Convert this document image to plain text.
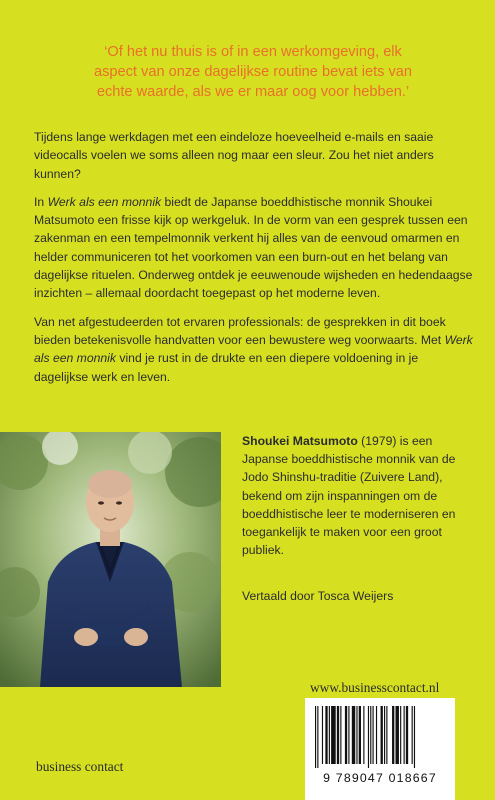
‘Of het nu thuis is of in een werkomgeving, elk
aspect van onze dagelijkse routine bevat iets van
echte waarde, als we er maar oog voor hebben.’

Tijdens lange werkdagen met een eindeloze hoeveelheid e-mails en saaie videocalls voelen we soms alleen nog maar een sleur. Zou het niet anders kunnen?

In Werk als een monnik biedt de Japanse boeddhistische monnik Shoukei Matsumoto een frisse kijk op werkgeluk. In de vorm van een gesprek tussen een zakenman en een tempelmonnik verkent hij alles van de eenvoud omarmen en helder communiceren tot het voorkomen van een burn-out en het belang van dagelijkse rituelen. Onderweg ontdek je eeuwenoude wijsheden en hedendaagse inzichten – allemaal doordacht toegepast op het moderne leven.

Van net afgestudeerden tot ervaren professionals: de gesprekken in dit boek bieden betekenisvolle handvatten voor een bewustere weg voorwaarts. Met Werk als een monnik vind je rust in de drukte en een diepere voldoening in je dagelijkse werk en leven.

Shoukei Matsumoto (1979) is een Japanse boeddhistische monnik van de Jodo Shinshu-traditie (Zuivere Land), bekend om zijn inspanningen om de boeddhistische leer te moderniseren en toegankelijk te maken voor een groot publiek.

Vertaald door Tosca Weijers

www.businesscontact.nl
business contact
9 789047 018667
